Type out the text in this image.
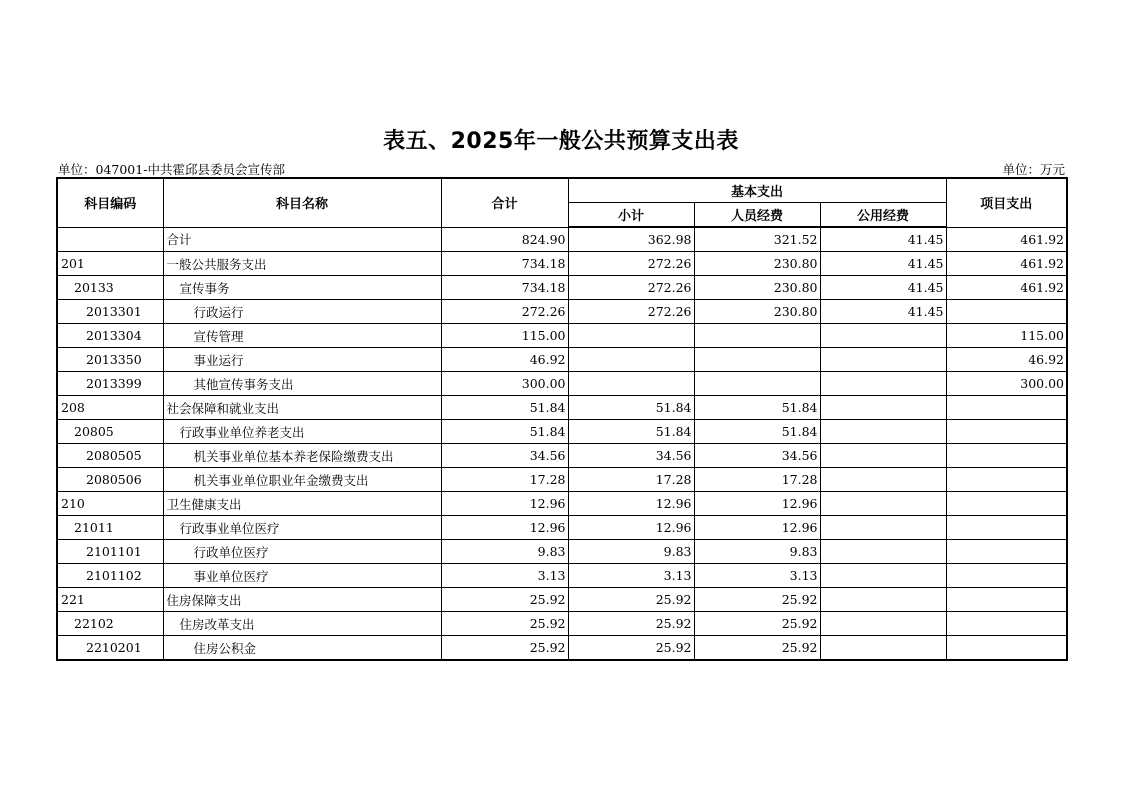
表五、2025年一般公共预算支出表
单位：047001-中共霍邱县委员会宣传部	单位：万元
科目编码	科目名称	合计	基本支出			项目支出
			小计	人员经费	公用经费	
	合计	824.90	362.98	321.52	41.45	461.92
201	一般公共服务支出	734.18	272.26	230.80	41.45	461.92
20133	宣传事务	734.18	272.26	230.80	41.45	461.92
2013301	行政运行	272.26	272.26	230.80	41.45	
2013304	宣传管理	115.00				115.00
2013350	事业运行	46.92				46.92
2013399	其他宣传事务支出	300.00				300.00
208	社会保障和就业支出	51.84	51.84	51.84		
20805	行政事业单位养老支出	51.84	51.84	51.84		
2080505	机关事业单位基本养老保险缴费支出	34.56	34.56	34.56		
2080506	机关事业单位职业年金缴费支出	17.28	17.28	17.28		
210	卫生健康支出	12.96	12.96	12.96		
21011	行政事业单位医疗	12.96	12.96	12.96		
2101101	行政单位医疗	9.83	9.83	9.83		
2101102	事业单位医疗	3.13	3.13	3.13		
221	住房保障支出	25.92	25.92	25.92		
22102	住房改革支出	25.92	25.92	25.92		
2210201	住房公积金	25.92	25.92	25.92		
